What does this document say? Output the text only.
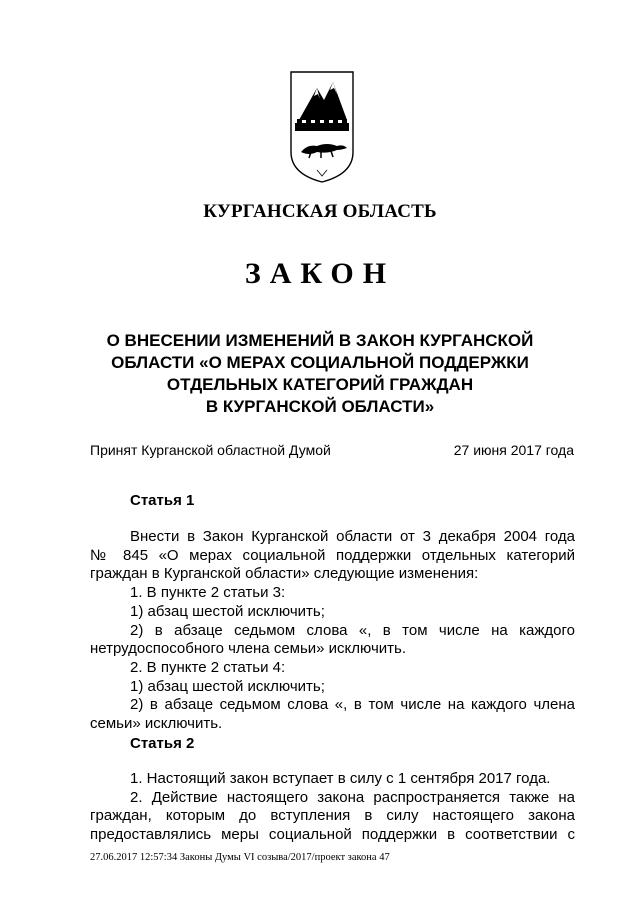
КУРГАНСКАЯ ОБЛАСТЬ
ЗАКОН
О ВНЕСЕНИИ ИЗМЕНЕНИЙ В ЗАКОН КУРГАНСКОЙ
ОБЛАСТИ «О МЕРАХ СОЦИАЛЬНОЙ ПОДДЕРЖКИ
ОТДЕЛЬНЫХ КАТЕГОРИЙ ГРАЖДАН
В КУРГАНСКОЙ ОБЛАСТИ»
Принят Курганской областной Думой	27 июня 2017 года
Статья 1
Внести в Закон Курганской области от 3 декабря 2004 года
№ 845 «О мерах социальной поддержки отдельных категорий
граждан в Курганской области» следующие изменения:
1. В пункте 2 статьи 3:
1) абзац шестой исключить;
2) в абзаце седьмом слова «, в том числе на каждого
нетрудоспособного члена семьи» исключить.
2. В пункте 2 статьи 4:
1) абзац шестой исключить;
2) в абзаце седьмом слова «, в том числе на каждого члена
семьи» исключить.
Статья 2
1. Настоящий закон вступает в силу с 1 сентября 2017 года.
2. Действие настоящего закона распространяется также на
граждан, которым до вступления в силу настоящего закона
предоставлялись меры социальной поддержки в соответствии с
27.06.2017 12:57:34 Законы Думы VI созыва/2017/проект закона 47
